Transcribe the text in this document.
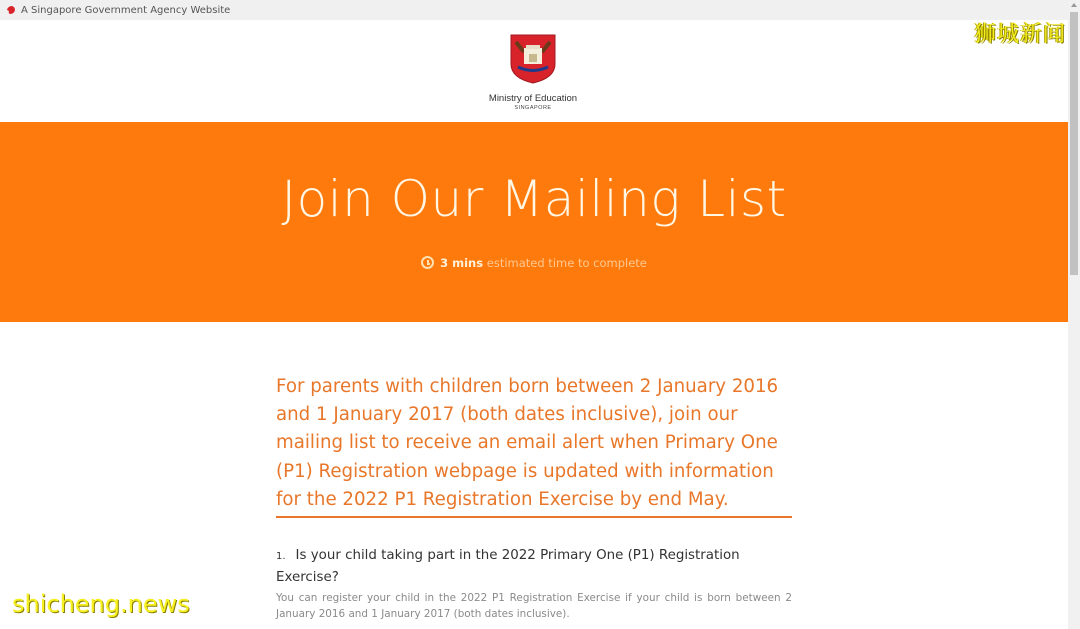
A Singapore Government Agency Website
Ministry of Education
SINGAPORE
Join Our Mailing List
3 mins estimated time to complete

For parents with children born between 2 January 2016 and 1 January 2017 (both dates inclusive), join our mailing list to receive an email alert when Primary One (P1) Registration webpage is updated with information for the 2022 P1 Registration Exercise by end May.

1. Is your child taking part in the 2022 Primary One (P1) Registration Exercise?

You can register your child in the 2022 P1 Registration Exercise if your child is born between 2 January 2016 and 1 January 2017 (both dates inclusive).

狮城新闻
shicheng.news
